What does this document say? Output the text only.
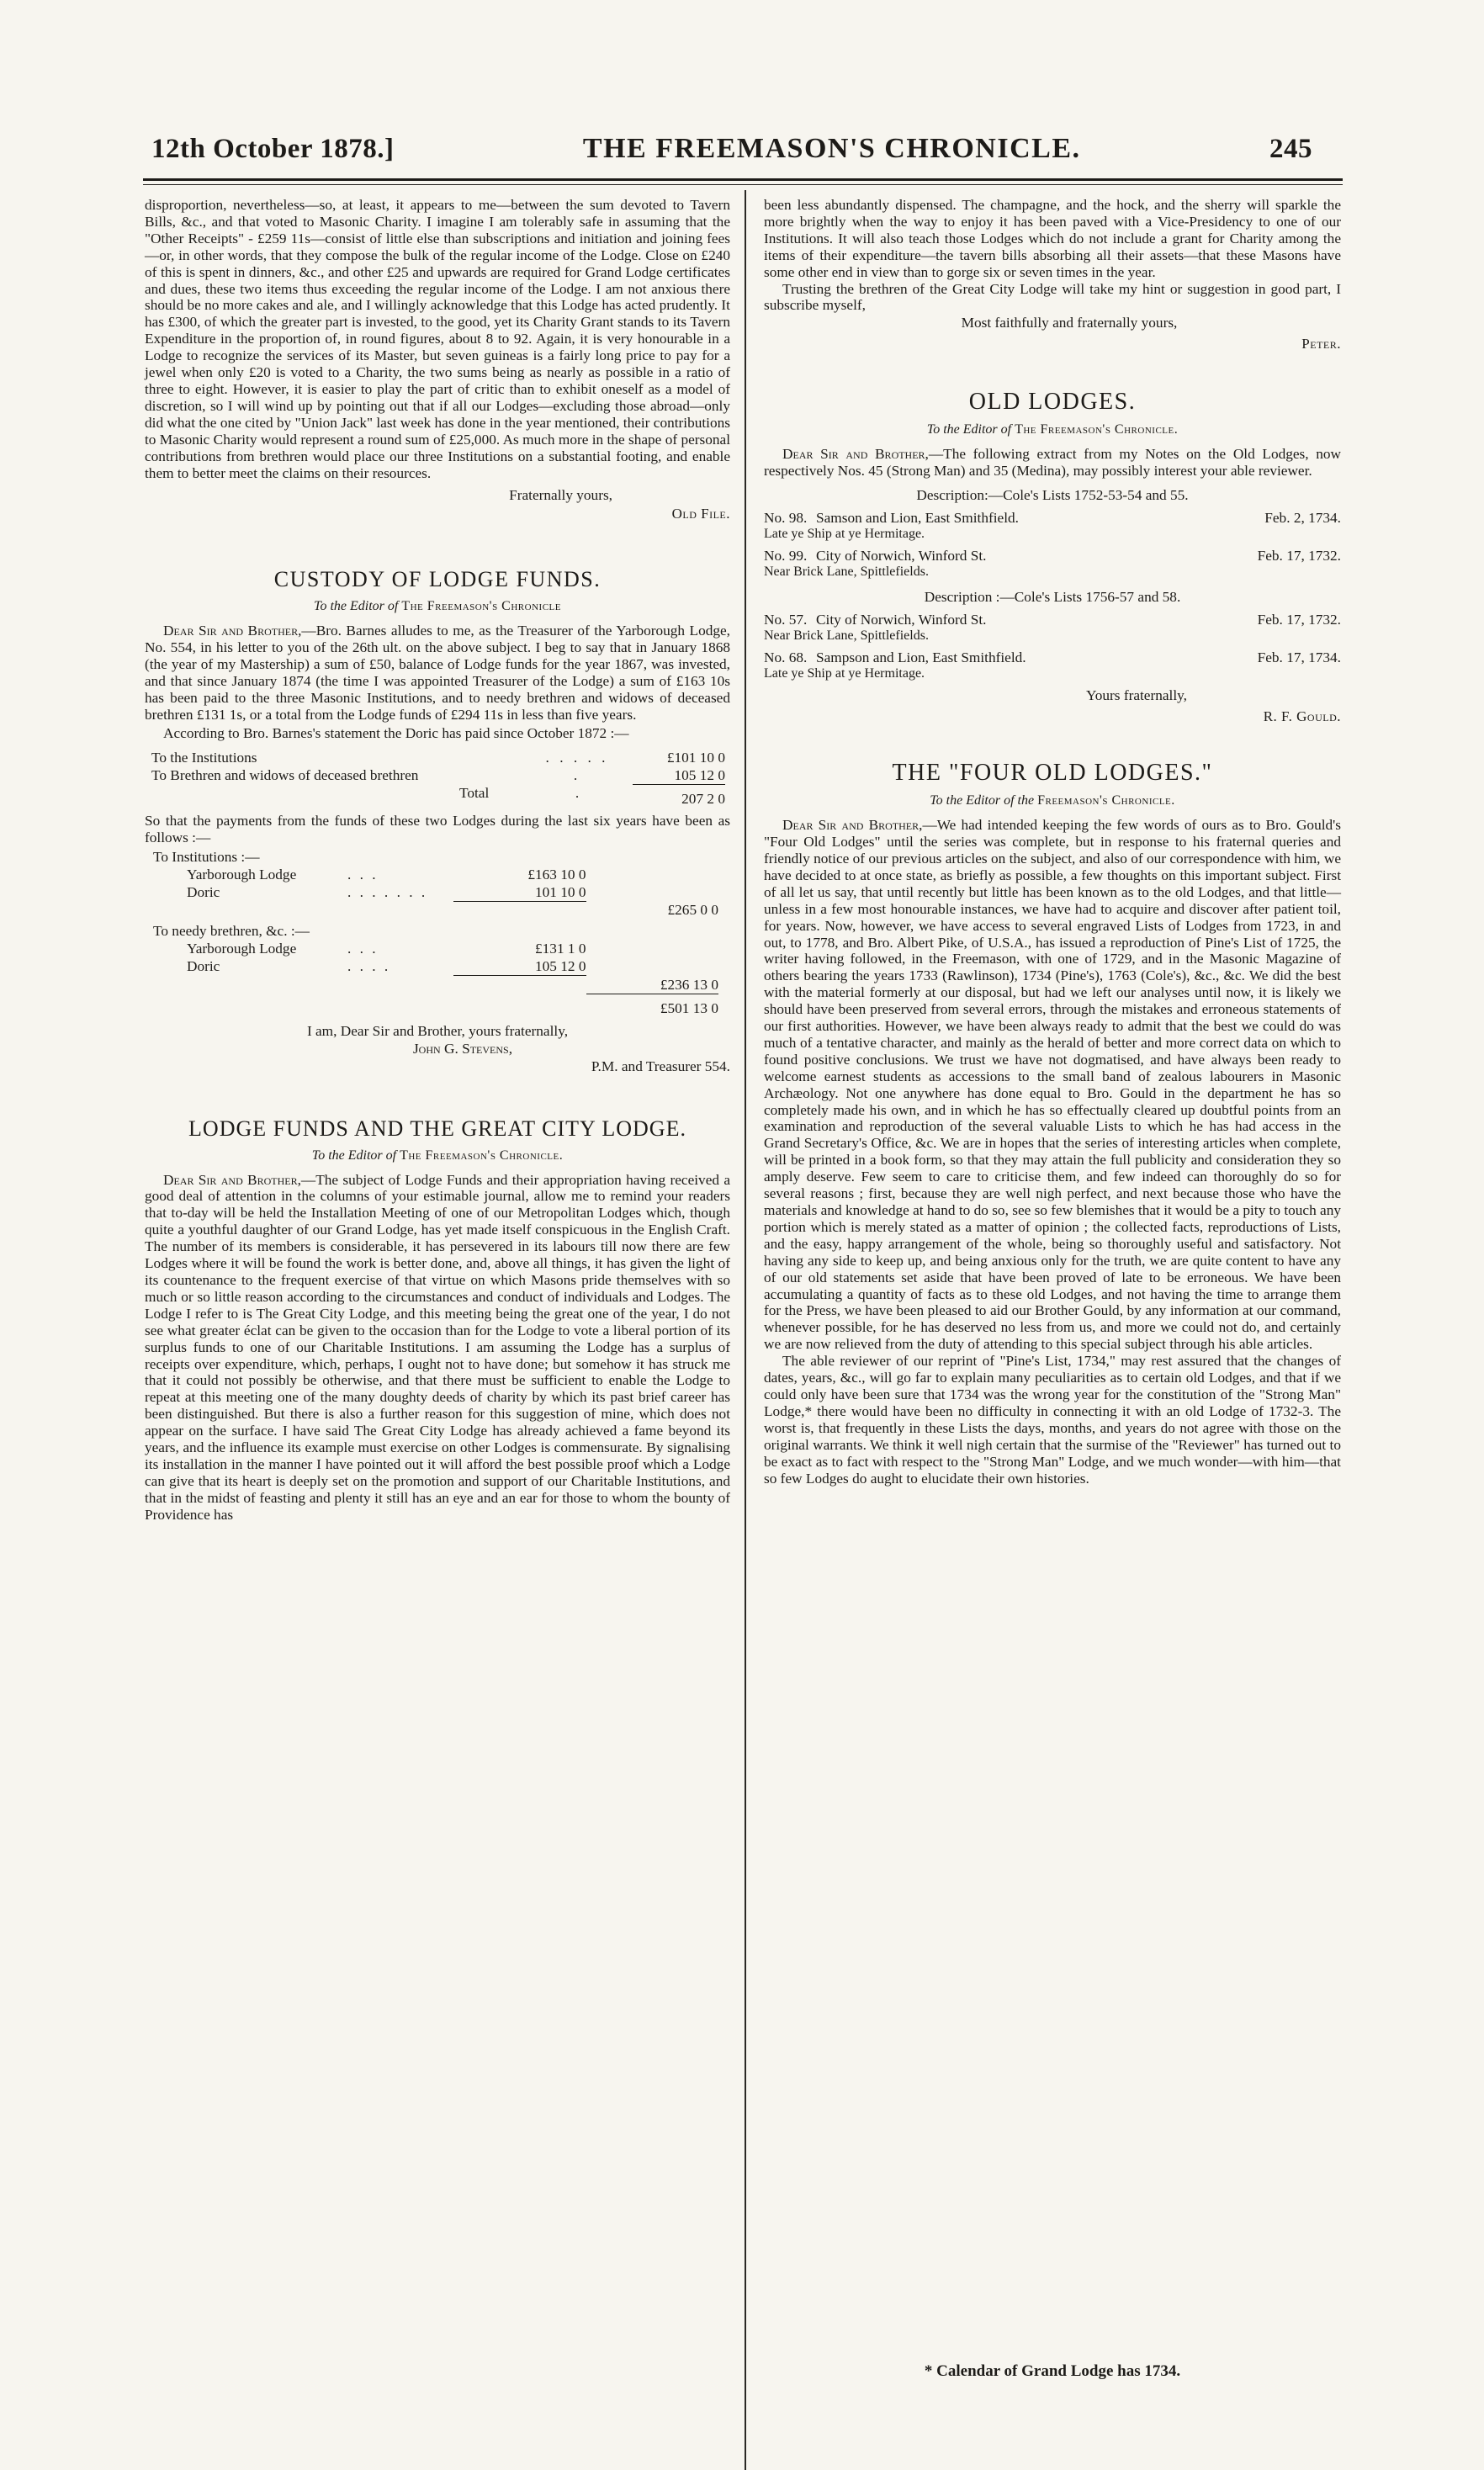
12th October 1878.]	THE FREEMASON'S CHRONICLE.	245

disproportion, nevertheless—so, at least, it appears to me—between the sum devoted to Tavern Bills, &c., and that voted to Masonic Charity. I imagine I am tolerably safe in assuming that the "Other Receipts" - £259 11s—consist of little else than subscriptions and initiation and joining fees—or, in other words, that they compose the bulk of the regular income of the Lodge. Close on £240 of this is spent in dinners, &c., and other £25 and upwards are required for Grand Lodge certificates and dues, these two items thus exceeding the regular income of the Lodge. I am not anxious there should be no more cakes and ale, and I willingly acknowledge that this Lodge has acted prudently. It has £300, of which the greater part is invested, to the good, yet its Charity Grant stands to its Tavern Expenditure in the proportion of, in round figures, about 8 to 92. Again, it is very honourable in a Lodge to recognize the services of its Master, but seven guineas is a fairly long price to pay for a jewel when only £20 is voted to a Charity, the two sums being as nearly as possible in a ratio of three to eight. However, it is easier to play the part of critic than to exhibit oneself as a model of discretion, so I will wind up by pointing out that if all our Lodges—excluding those abroad—only did what the one cited by "Union Jack" last week has done in the year mentioned, their contributions to Masonic Charity would represent a round sum of £25,000. As much more in the shape of personal contributions from brethren would place our three Institutions on a substantial footing, and enable them to better meet the claims on their resources.

Fraternally yours,
Old File.
CUSTODY OF LODGE FUNDS.
To the Editor of The Freemason's Chronicle

Dear Sir and Brother,—Bro. Barnes alludes to me, as the Treasurer of the Yarborough Lodge, No. 554, in his letter to you of the 26th ult. on the above subject. I beg to say that in January 1868 (the year of my Mastership) a sum of £50, balance of Lodge funds for the year 1867, was invested, and that since January 1874 (the time I was appointed Treasurer of the Lodge) a sum of £163 10s has been paid to the three Masonic Institutions, and to needy brethren and widows of deceased brethren £131 1s, or a total from the Lodge funds of £294 11s in less than five years.

According to Bro. Barnes's statement the Doric has paid since October 1872 :—

To the Institutions	. . . . .	£101 10 0
To Brethren and widows of deceased brethren	.	105 12 0
Total	.	207 2 0

So that the payments from the funds of these two Lodges during the last six years have been as follows :—

To Institutions :—
Yarborough Lodge	. . .	£163 10 0	
Doric	. . . . . . .	101 10 0	
			£265 0 0
To needy brethren, &c. :—
Yarborough Lodge	. . .	£131 1 0	
Doric	. . . .	105 12 0	
			£236 13 0
			£501 13 0
I am, Dear Sir and Brother, yours fraternally,
John G. Stevens,
P.M. and Treasurer 554.
LODGE FUNDS AND THE GREAT CITY LODGE.
To the Editor of The Freemason's Chronicle.

Dear Sir and Brother,—The subject of Lodge Funds and their appropriation having received a good deal of attention in the columns of your estimable journal, allow me to remind your readers that to-day will be held the Installation Meeting of one of our Metropolitan Lodges which, though quite a youthful daughter of our Grand Lodge, has yet made itself conspicuous in the English Craft. The number of its members is considerable, it has persevered in its labours till now there are few Lodges where it will be found the work is better done, and, above all things, it has given the light of its countenance to the frequent exercise of that virtue on which Masons pride themselves with so much or so little reason according to the circumstances and conduct of individuals and Lodges. The Lodge I refer to is The Great City Lodge, and this meeting being the great one of the year, I do not see what greater éclat can be given to the occasion than for the Lodge to vote a liberal portion of its surplus funds to one of our Charitable Institutions. I am assuming the Lodge has a surplus of receipts over expenditure, which, perhaps, I ought not to have done; but somehow it has struck me that it could not possibly be otherwise, and that there must be sufficient to enable the Lodge to repeat at this meeting one of the many doughty deeds of charity by which its past brief career has been distinguished. But there is also a further reason for this suggestion of mine, which does not appear on the surface. I have said The Great City Lodge has already achieved a fame beyond its years, and the influence its example must exercise on other Lodges is commensurate. By signalising its installation in the manner I have pointed out it will afford the best possible proof which a Lodge can give that its heart is deeply set on the promotion and support of our Charitable Institutions, and that in the midst of feasting and plenty it still has an eye and an ear for those to whom the bounty of Providence has

been less abundantly dispensed. The champagne, and the hock, and the sherry will sparkle the more brightly when the way to enjoy it has been paved with a Vice-Presidency to one of our Institutions. It will also teach those Lodges which do not include a grant for Charity among the items of their expenditure—the tavern bills absorbing all their assets—that these Masons have some other end in view than to gorge six or seven times in the year.

Trusting the brethren of the Great City Lodge will take my hint or suggestion in good part, I subscribe myself,

Most faithfully and fraternally yours,
Peter.
OLD LODGES.
To the Editor of The Freemason's Chronicle.

Dear Sir and Brother,—The following extract from my Notes on the Old Lodges, now respectively Nos. 45 (Strong Man) and 35 (Medina), may possibly interest your able reviewer.

Description:—Cole's Lists 1752-53-54 and 55.
No. 98. Samson and Lion, East Smithfield.	Feb. 2, 1734.
Late ye Ship at ye Hermitage.
No. 99. City of Norwich, Winford St.	Feb. 17, 1732.
Near Brick Lane, Spittlefields.
Description :—Cole's Lists 1756-57 and 58.
No. 57. City of Norwich, Winford St.	Feb. 17, 1732.
Near Brick Lane, Spittlefields.
No. 68. Sampson and Lion, East Smithfield.	Feb. 17, 1734.
Late ye Ship at ye Hermitage.
Yours fraternally,
R. F. Gould.
THE "FOUR OLD LODGES."
To the Editor of the Freemason's Chronicle.

Dear Sir and Brother,—We had intended keeping the few words of ours as to Bro. Gould's "Four Old Lodges" until the series was complete, but in response to his fraternal queries and friendly notice of our previous articles on the subject, and also of our correspondence with him, we have decided to at once state, as briefly as possible, a few thoughts on this important subject. First of all let us say, that until recently but little has been known as to the old Lodges, and that little—unless in a few most honourable instances, we have had to acquire and discover after patient toil, for years. Now, however, we have access to several engraved Lists of Lodges from 1723, in and out, to 1778, and Bro. Albert Pike, of U.S.A., has issued a reproduction of Pine's List of 1725, the writer having followed, in the Freemason, with one of 1729, and in the Masonic Magazine of others bearing the years 1733 (Rawlinson), 1734 (Pine's), 1763 (Cole's), &c., &c. We did the best with the material formerly at our disposal, but had we left our analyses until now, it is likely we should have been preserved from several errors, through the mistakes and erroneous statements of our first authorities. However, we have been always ready to admit that the best we could do was much of a tentative character, and mainly as the herald of better and more correct data on which to found positive conclusions. We trust we have not dogmatised, and have always been ready to welcome earnest students as accessions to the small band of zealous labourers in Masonic Archæology. Not one anywhere has done equal to Bro. Gould in the department he has so completely made his own, and in which he has so effectually cleared up doubtful points from an examination and reproduction of the several valuable Lists to which he has had access in the Grand Secretary's Office, &c. We are in hopes that the series of interesting articles when complete, will be printed in a book form, so that they may attain the full publicity and consideration they so amply deserve. Few seem to care to criticise them, and few indeed can thoroughly do so for several reasons ; first, because they are well nigh perfect, and next because those who have the materials and knowledge at hand to do so, see so few blemishes that it would be a pity to touch any portion which is merely stated as a matter of opinion ; the collected facts, reproductions of Lists, and the easy, happy arrangement of the whole, being so thoroughly useful and satisfactory. Not having any side to keep up, and being anxious only for the truth, we are quite content to have any of our old statements set aside that have been proved of late to be erroneous. We have been accumulating a quantity of facts as to these old Lodges, and not having the time to arrange them for the Press, we have been pleased to aid our Brother Gould, by any information at our command, whenever possible, for he has deserved no less from us, and more we could not do, and certainly we are now relieved from the duty of attending to this special subject through his able articles.

The able reviewer of our reprint of "Pine's List, 1734," may rest assured that the changes of dates, years, &c., will go far to explain many peculiarities as to certain old Lodges, and that if we could only have been sure that 1734 was the wrong year for the constitution of the "Strong Man" Lodge,* there would have been no difficulty in connecting it with an old Lodge of 1732-3. The worst is, that frequently in these Lists the days, months, and years do not agree with those on the original warrants. We think it well nigh certain that the surmise of the "Reviewer" has turned out to be exact as to fact with respect to the "Strong Man" Lodge, and we much wonder—with him—that so few Lodges do aught to elucidate their own histories.

* Calendar of Grand Lodge has 1734.
